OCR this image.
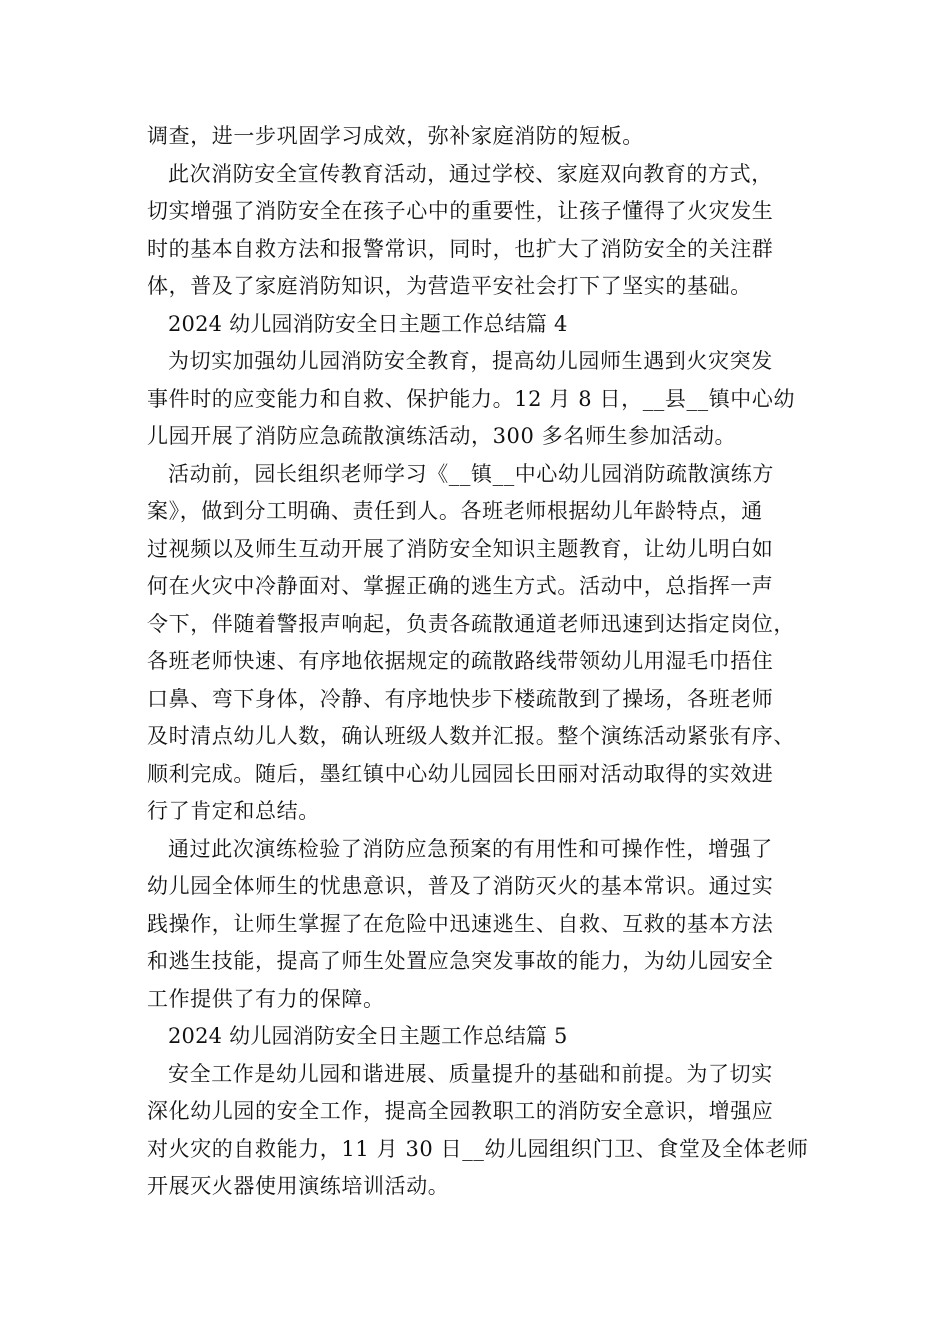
调查，进一步巩固学习成效，弥补家庭消防的短板。
此次消防安全宣传教育活动，通过学校、家庭双向教育的方式，
切实增强了消防安全在孩子心中的重要性，让孩子懂得了火灾发生
时的基本自救方法和报警常识，同时，也扩大了消防安全的关注群
体，普及了家庭消防知识，为营造平安社会打下了坚实的基础。
2024 幼儿园消防安全日主题工作总结篇 4
为切实加强幼儿园消防安全教育，提高幼儿园师生遇到火灾突发
事件时的应变能力和自救、保护能力。12 月 8 日，__县__镇中心幼
儿园开展了消防应急疏散演练活动，300 多名师生参加活动。
活动前，园长组织老师学习《__镇__中心幼儿园消防疏散演练方
案》，做到分工明确、责任到人。各班老师根据幼儿年龄特点，通
过视频以及师生互动开展了消防安全知识主题教育，让幼儿明白如
何在火灾中冷静面对、掌握正确的逃生方式。活动中，总指挥一声
令下，伴随着警报声响起，负责各疏散通道老师迅速到达指定岗位，
各班老师快速、有序地依据规定的疏散路线带领幼儿用湿毛巾捂住
口鼻、弯下身体，冷静、有序地快步下楼疏散到了操场，各班老师
及时清点幼儿人数，确认班级人数并汇报。整个演练活动紧张有序、
顺利完成。随后，墨红镇中心幼儿园园长田丽对活动取得的实效进
行了肯定和总结。
通过此次演练检验了消防应急预案的有用性和可操作性，增强了
幼儿园全体师生的忧患意识，普及了消防灭火的基本常识。通过实
践操作，让师生掌握了在危险中迅速逃生、自救、互救的基本方法
和逃生技能，提高了师生处置应急突发事故的能力，为幼儿园安全
工作提供了有力的保障。
2024 幼儿园消防安全日主题工作总结篇 5
安全工作是幼儿园和谐进展、质量提升的基础和前提。为了切实
深化幼儿园的安全工作，提高全园教职工的消防安全意识，增强应
对火灾的自救能力，11 月 30 日__幼儿园组织门卫、食堂及全体老师
开展灭火器使用演练培训活动。
